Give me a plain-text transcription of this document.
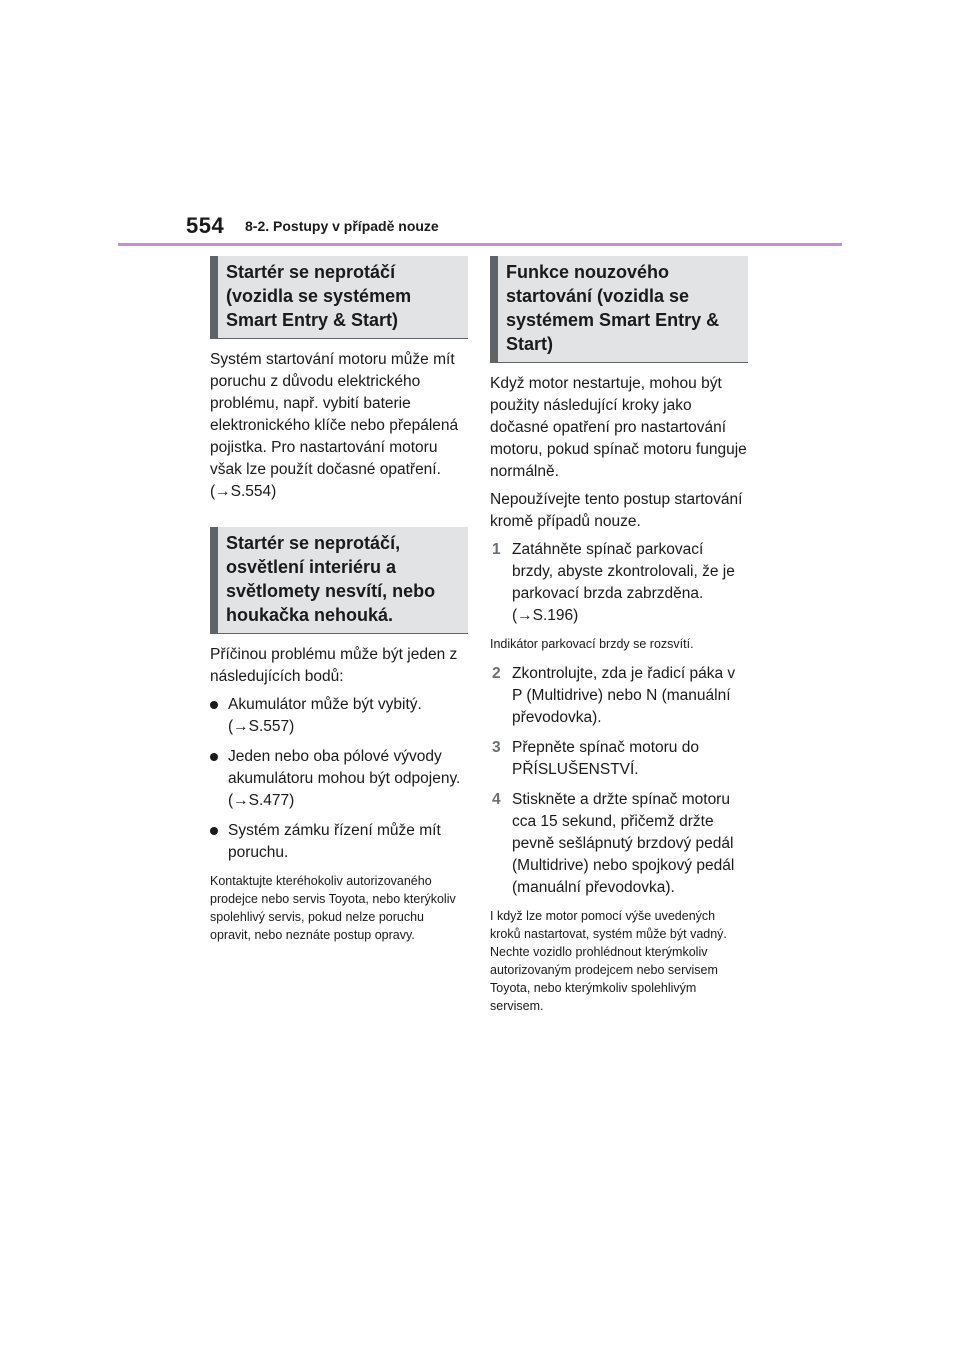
554 8-2. Postupy v případě nouze
Startér se neprotáčí (vozidla se systémem Smart Entry & Start)

Systém startování motoru může mít poruchu z důvodu elektrického problému, např. vybití baterie elektronického klíče nebo přepálená pojistka. Pro nastartování motoru však lze použít dočasné opatření. (→S.554)

Startér se neprotáčí, osvětlení interiéru a světlomety nesvítí, nebo houkačka nehouká.

Příčinou problému může být jeden z následujících bodů:

Akumulátor může být vybitý.
(→S.557)
Jeden nebo oba pólové vývody akumulátoru mohou být odpojeny.
(→S.477)
Systém zámku řízení může mít poruchu.

Kontaktujte kteréhokoliv autorizovaného prodejce nebo servis Toyota, nebo kterýkoliv spolehlivý servis, pokud nelze poruchu opravit, nebo neznáte postup opravy.

Funkce nouzového startování (vozidla se systémem Smart Entry & Start)

Když motor nestartuje, mohou být použity následující kroky jako dočasné opatření pro nastartování motoru, pokud spínač motoru funguje normálně.

Nepoužívejte tento postup startování kromě případů nouze.

1 Zatáhněte spínač parkovací brzdy, abyste zkontrolovali, že je parkovací brzda zabrzděna.
(→S.196)

Indikátor parkovací brzdy se rozsvítí.

2 Zkontrolujte, zda je řadicí páka v P (Multidrive) nebo N (manuální převodovka).
3 Přepněte spínač motoru do PŘÍSLUŠENSTVÍ.
4 Stiskněte a držte spínač motoru cca 15 sekund, přičemž držte pevně sešlápnutý brzdový pedál (Multidrive) nebo spojkový pedál (manuální převodovka).

I když lze motor pomocí výše uvedených kroků nastartovat, systém může být vadný. Nechte vozidlo prohlédnout kterýmkoliv autorizovaným prodejcem nebo servisem Toyota, nebo kterýmkoliv spolehlivým servisem.
